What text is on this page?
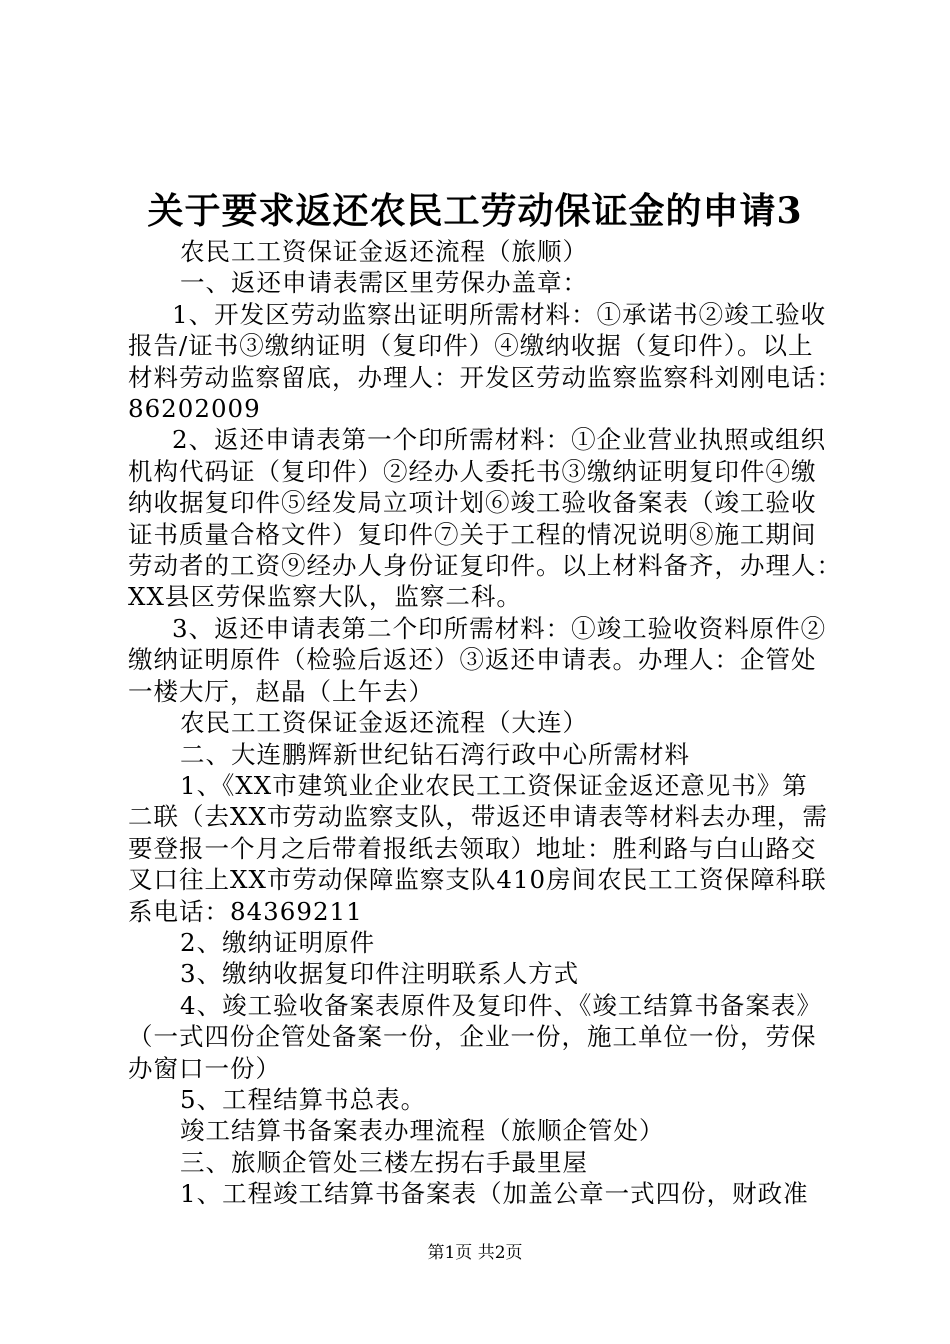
关于要求返还农民工劳动保证金的申请3

农民工工资保证金返还流程（旅顺）

一、返还申请表需区里劳保办盖章：

1、开发区劳动监察出证明所需材料：①承诺书②竣工验收

报告/证书③缴纳证明（复印件）④缴纳收据（复印件）。以上

材料劳动监察留底，办理人：开发区劳动监察监察科刘刚电话：

86202009

2、返还申请表第一个印所需材料：①企业营业执照或组织

机构代码证（复印件）②经办人委托书③缴纳证明复印件④缴

纳收据复印件⑤经发局立项计划⑥竣工验收备案表（竣工验收

证书质量合格文件）复印件⑦关于工程的情况说明⑧施工期间

劳动者的工资⑨经办人身份证复印件。以上材料备齐，办理人：

XX县区劳保监察大队，监察二科。

3、返还申请表第二个印所需材料：①竣工验收资料原件②

缴纳证明原件（检验后返还）③返还申请表。办理人：企管处

一楼大厅，赵晶（上午去）

农民工工资保证金返还流程（大连）

二、大连鹏辉新世纪钻石湾行政中心所需材料

1、《XX市建筑业企业农民工工资保证金返还意见书》第

二联（去XX市劳动监察支队，带返还申请表等材料去办理，需

要登报一个月之后带着报纸去领取）地址：胜利路与白山路交

叉口往上XX市劳动保障监察支队410房间农民工工资保障科联

系电话：84369211

2、缴纳证明原件

3、缴纳收据复印件注明联系人方式

4、竣工验收备案表原件及复印件、《竣工结算书备案表》

（一式四份企管处备案一份，企业一份，施工单位一份，劳保

办窗口一份）

5、工程结算书总表。

竣工结算书备案表办理流程（旅顺企管处）

三、旅顺企管处三楼左拐右手最里屋

1、工程竣工结算书备案表（加盖公章一式四份，财政准

第1页 共2页
